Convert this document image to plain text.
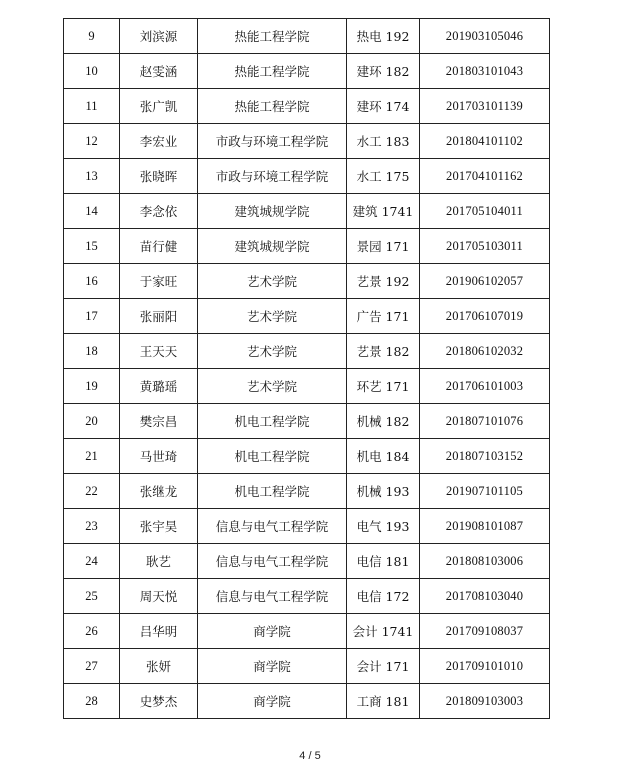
9	刘滨源	热能工程学院	热电 192	201903105046
10	赵雯涵	热能工程学院	建环 182	201803101043
11	张广凯	热能工程学院	建环 174	201703101139
12	李宏业	市政与环境工程学院	水工 183	201804101102
13	张晓晖	市政与环境工程学院	水工 175	201704101162
14	李念依	建筑城规学院	建筑 1741	201705104011
15	苗行健	建筑城规学院	景园 171	201705103011
16	于家旺	艺术学院	艺景 192	201906102057
17	张丽阳	艺术学院	广告 171	201706107019
18	王天天	艺术学院	艺景 182	201806102032
19	黄璐瑶	艺术学院	环艺 171	201706101003
20	樊宗昌	机电工程学院	机械 182	201807101076
21	马世琦	机电工程学院	机电 184	201807103152
22	张继龙	机电工程学院	机械 193	201907101105
23	张宇昊	信息与电气工程学院	电气 193	201908101087
24	耿艺	信息与电气工程学院	电信 181	201808103006
25	周天悦	信息与电气工程学院	电信 172	201708103040
26	吕华明	商学院	会计 1741	201709108037
27	张妍	商学院	会计 171	201709101010
28	史梦杰	商学院	工商 181	201809103003
4 / 5
